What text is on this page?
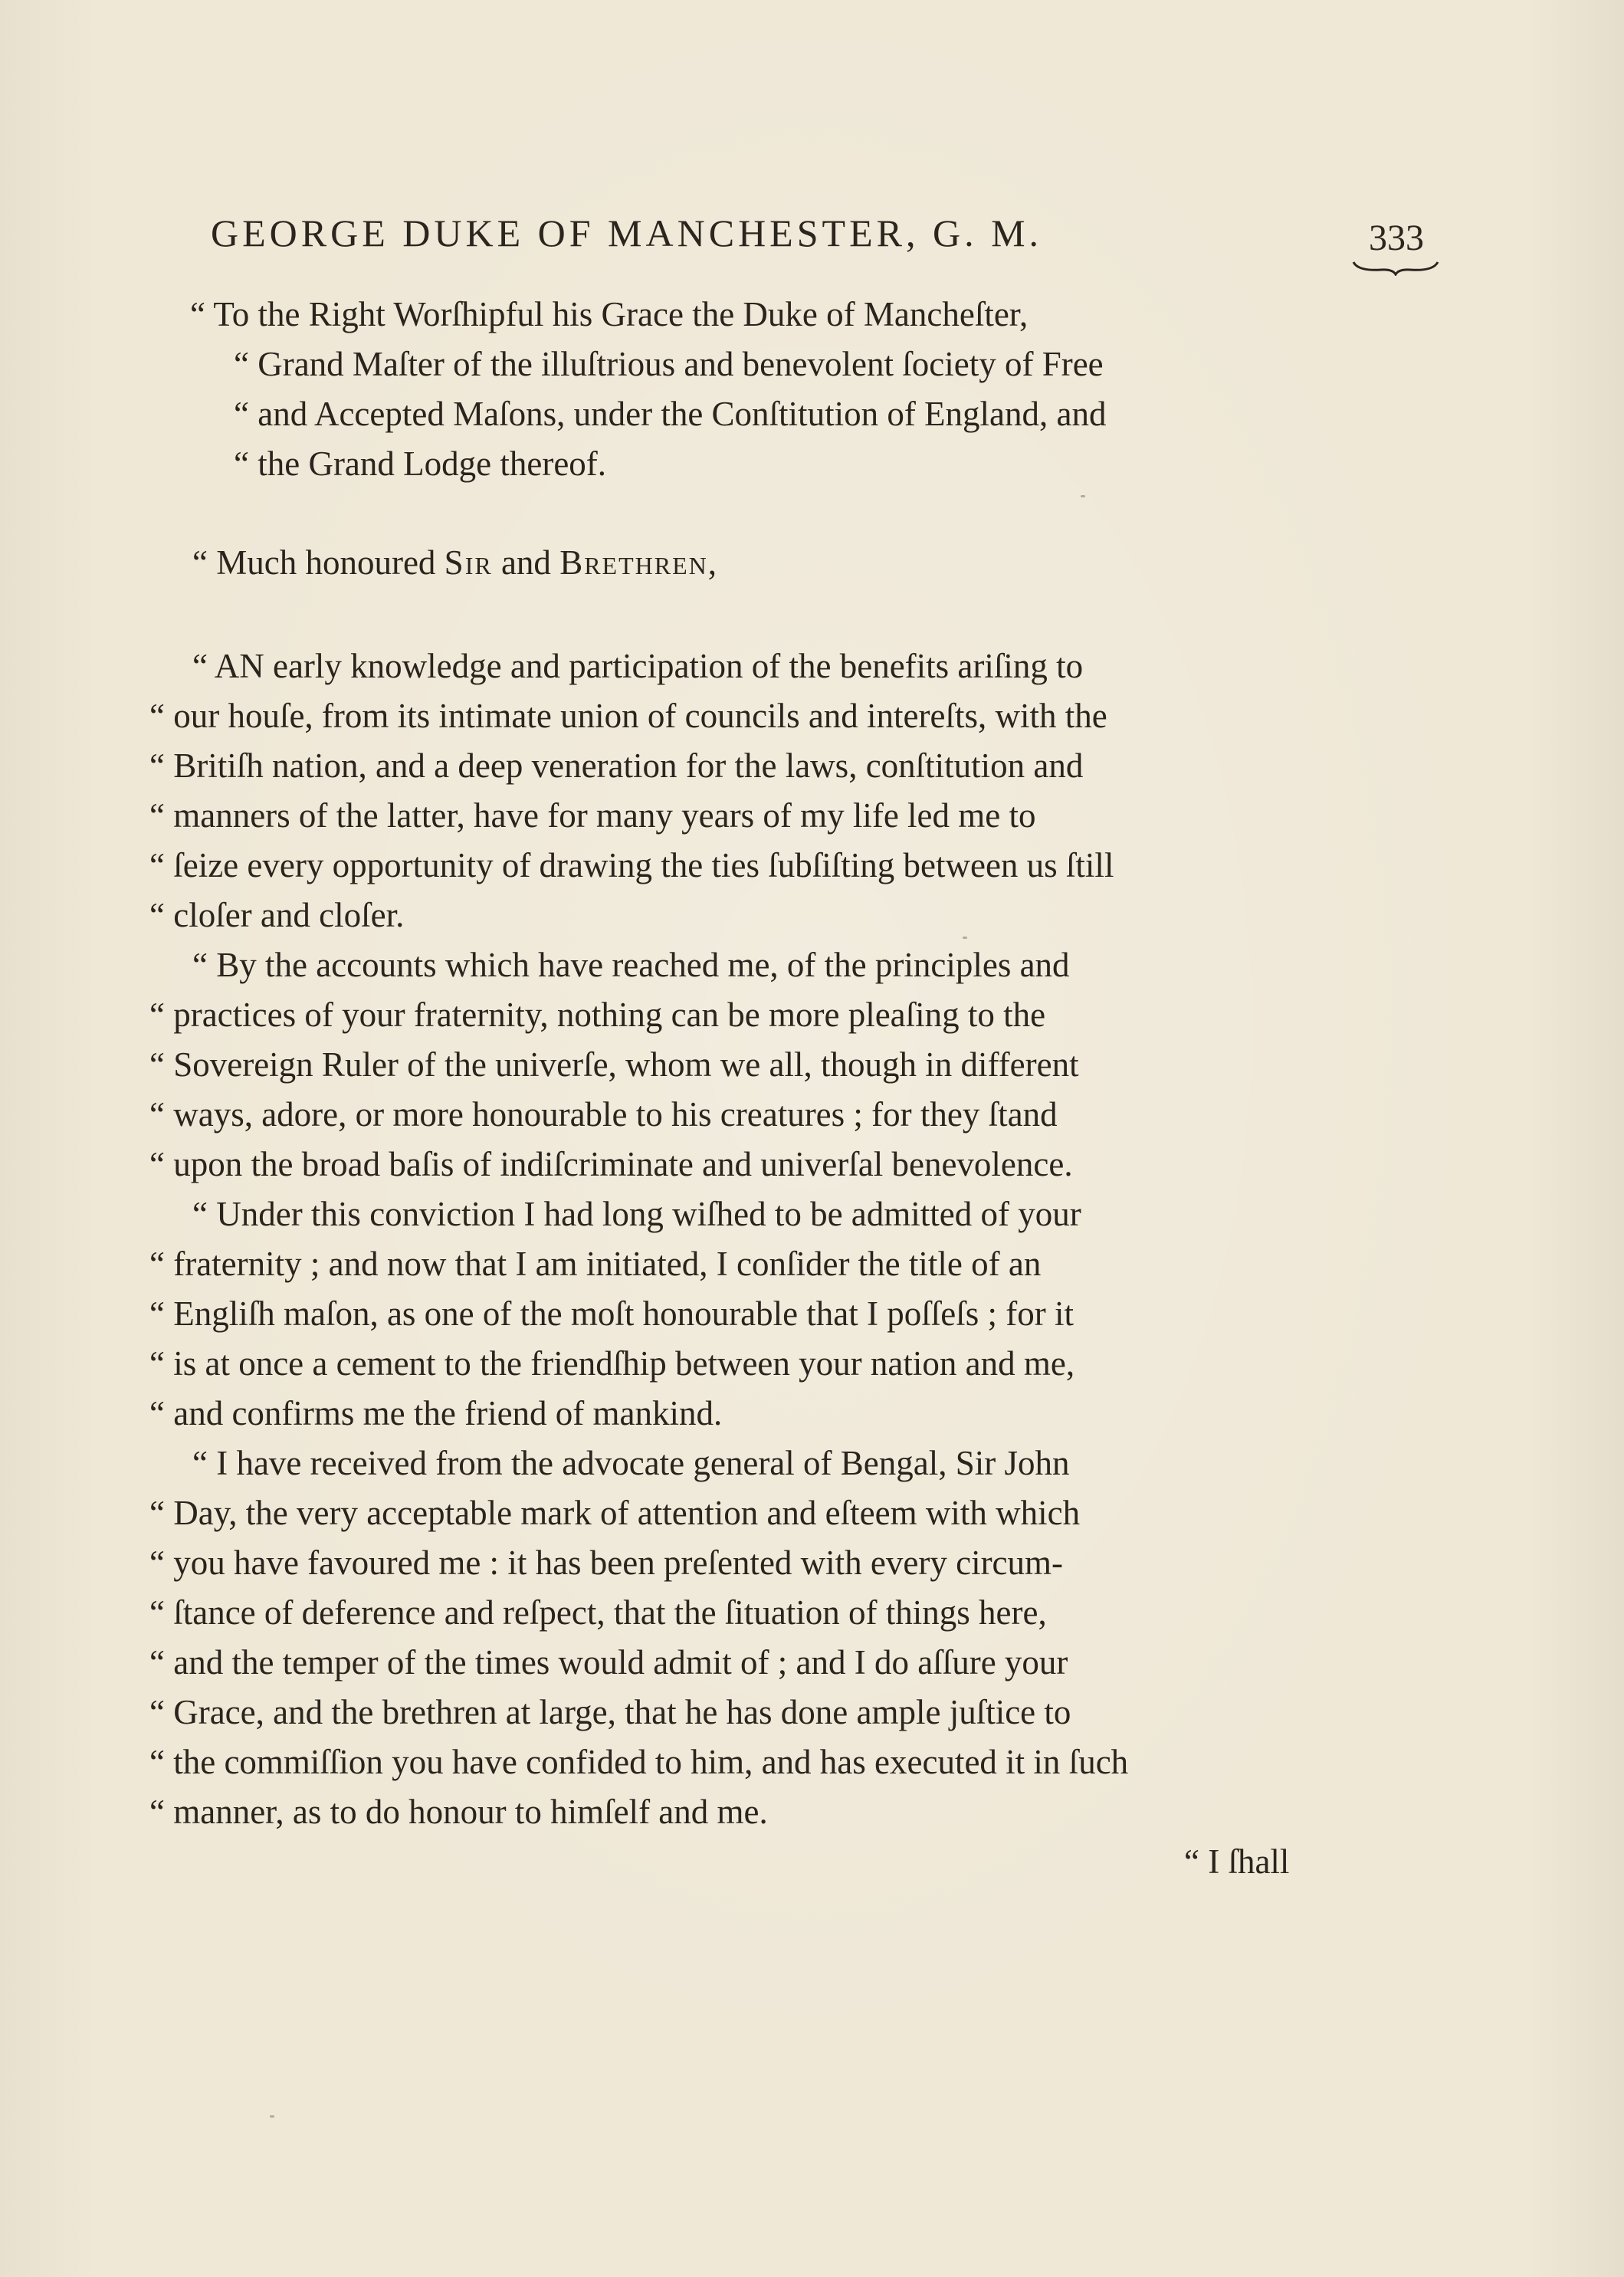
GEORGE DUKE OF MANCHESTER, G. M.	333
“ To the Right Worſhipful his Grace the Duke of Mancheſter,
“ Grand Maſter of the illuſtrious and benevolent ſociety of Free
“ and Accepted Maſons, under the Conſtitution of England, and
“ the Grand Lodge thereof.
“ Much honoured Sir and Brethren,
“ AN early knowledge and participation of the benefits ariſing to
“ our houſe, from its intimate union of councils and intereſts, with the
“ Britiſh nation, and a deep veneration for the laws, conſtitution and
“ manners of the latter, have for many years of my life led me to
“ ſeize every opportunity of drawing the ties ſubſiſting between us ſtill
“ cloſer and cloſer.
“ By the accounts which have reached me, of the principles and
“ practices of your fraternity, nothing can be more pleaſing to the
“ Sovereign Ruler of the univerſe, whom we all, though in different
“ ways, adore, or more honourable to his creatures ; for they ſtand
“ upon the broad baſis of indiſcriminate and univerſal benevolence.
“ Under this conviction I had long wiſhed to be admitted of your
“ fraternity ; and now that I am initiated, I conſider the title of an
“ Engliſh maſon, as one of the moſt honourable that I poſſeſs ; for it
“ is at once a cement to the friendſhip between your nation and me,
“ and confirms me the friend of mankind.
“ I have received from the advocate general of Bengal, Sir John
“ Day, the very acceptable mark of attention and eſteem with which
“ you have favoured me : it has been preſented with every circum-
“ ſtance of deference and reſpect, that the ſituation of things here,
“ and the temper of the times would admit of ; and I do aſſure your
“ Grace, and the brethren at large, that he has done ample juſtice to
“ the commiſſion you have confided to him, and has executed it in ſuch
“ manner, as to do honour to himſelf and me.
“ I ſhall
